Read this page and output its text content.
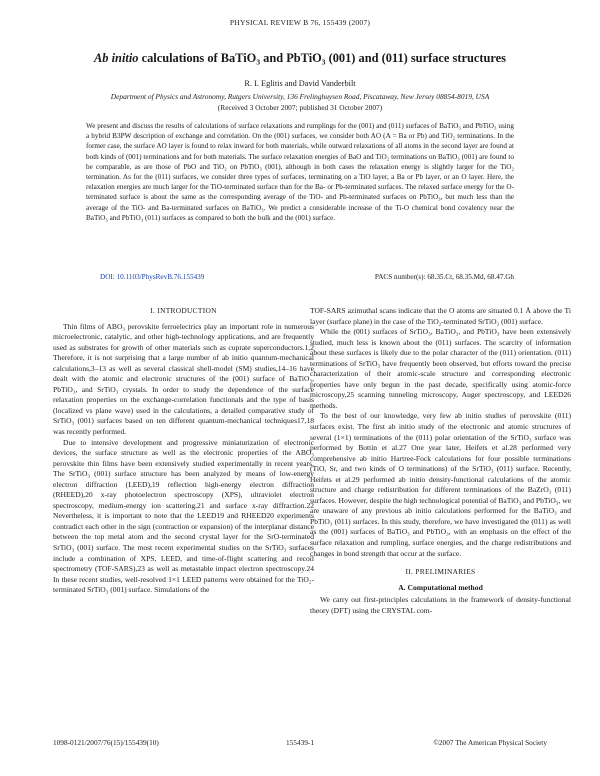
PHYSICAL REVIEW B 76, 155439 (2007)
Ab initio calculations of BaTiO₃ and PbTiO₃ (001) and (011) surface structures
R. I. Eglitis and David Vanderbilt
Department of Physics and Astronomy, Rutgers University, 136 Frelinghuysen Road, Piscataway, New Jersey 08854-8019, USA
(Received 3 October 2007; published 31 October 2007)
We present and discuss the results of calculations of surface relaxations and rumplings for the (001) and (011) surfaces of BaTiO₃ and PbTiO₃ using a hybrid B3PW description of exchange and correlation. On the (001) surfaces, we consider both AO (A = Ba or Pb) and TiO₂ terminations. In the former case, the surface AO layer is found to relax inward for both materials, while outward relaxations of all atoms in the second layer are found at both kinds of (001) terminations and for both materials. The surface relaxation energies of BaO and TiO₂ terminations on BaTiO₃ (001) are found to be comparable, as are those of PbO and TiO₂ on PbTiO₃ (001), although in both cases the relaxation energy is slightly larger for the TiO₂ termination. As for the (011) surfaces, we consider three types of surfaces, terminating on a TiO layer, a Ba or Pb layer, or an O layer. Here, the relaxation energies are much larger for the TiO-terminated surface than for the Ba- or Pb-terminated surfaces. The relaxed surface energy for the O-terminated surface is about the same as the corresponding average of the TiO- and Pb-terminated surfaces on PbTiO₃, but much less than the average of the TiO- and Ba-terminated surfaces on BaTiO₃. We predict a considerable increase of the Ti-O chemical bond covalency near the BaTiO₃ and PbTiO₃ (011) surfaces as compared to both the bulk and the (001) surface.
DOI: 10.1103/PhysRevB.76.155439	PACS number(s): 68.35.Ct, 68.35.Md, 68.47.Gh
I. INTRODUCTION

Thin films of ABO₃ perovskite ferroelectrics play an important role in numerous microelectronic, catalytic, and other high-technology applications, and are frequently used as substrates for growth of other materials such as cuprate superconductors.1,2 Therefore, it is not surprising that a large number of ab initio quantum-mechanical calculations,3–13 as well as several classical shell-model (SM) studies,14–16 have dealt with the atomic and electronic structures of the (001) surface of BaTiO₃, PbTiO₃, and SrTiO₃ crystals. In order to study the dependence of the surface relaxation properties on the exchange-correlation functionals and the type of basis (localized vs plane wave) used in the calculations, a detailed comparative study of SrTiO₃ (001) surfaces based on ten different quantum-mechanical techniques17,18 was recently performed.

Due to intensive development and progressive miniaturization of electronic devices, the surface structure as well as the electronic properties of the ABO₃ perovskite thin films have been extensively studied experimentally in recent years. The SrTiO₃ (001) surface structure has been analyzed by means of low-energy electron diffraction (LEED),19 reflection high-energy electron diffraction (RHEED),20 x-ray photoelectron spectroscopy (XPS), ultraviolet electron spectroscopy, medium-energy ion scattering,21 and surface x-ray diffraction.22 Nevertheless, it is important to note that the LEED19 and RHEED20 experiments contradict each other in the sign (contraction or expansion) of the interplanar distance between the top metal atom and the second crystal layer for the SrO-terminated SrTiO₃ (001) surface. The most recent experimental studies on the SrTiO₃ surfaces include a combination of XPS, LEED, and time-of-flight scattering and recoil spectrometry (TOF-SARS),23 as well as metastable impact electron spectroscopy.24 In these recent studies, well-resolved 1×1 LEED patterns were obtained for the TiO₂-terminated SrTiO₃ (001) surface. Simulations of the

TOF-SARS azimuthal scans indicate that the O atoms are situated 0.1 Å above the Ti layer (surface plane) in the case of the TiO₂-terminated SrTiO₃ (001) surface.

While the (001) surfaces of SrTiO₃, BaTiO₃, and PbTiO₃ have been extensively studied, much less is known about the (011) surfaces. The scarcity of information about these surfaces is likely due to the polar character of the (011) orientation. (011) terminations of SrTiO₃ have frequently been observed, but efforts toward the precise characterization of their atomic-scale structure and corresponding electronic properties have only begun in the past decade, specifically using atomic-force microscopy,25 scanning tunneling microscopy, Auger spectroscopy, and LEED26 methods.

To the best of our knowledge, very few ab initio studies of perovskite (011) surfaces exist. The first ab initio study of the electronic and atomic structures of several (1×1) terminations of the (011) polar orientation of the SrTiO₃ surface was performed by Bottin et al.27 One year later, Heifets et al.28 performed very comprehensive ab initio Hartree-Fock calculations for four possible terminations (TiO, Sr, and two kinds of O terminations) of the SrTiO₃ (011) surface. Recently, Heifets et al.29 performed ab initio density-functional calculations of the atomic structure and charge redistribution for different terminations of the BaZrO₃ (011) surfaces. However, despite the high technological potential of BaTiO₃ and PbTiO₃, we are unaware of any previous ab initio calculations performed for the BaTiO₃ and PbTiO₃ (011) surfaces. In this study, therefore, we have investigated the (011) as well as the (001) surfaces of BaTiO₃ and PbTiO₃, with an emphasis on the effect of the surface relaxation and rumpling, surface energies, and the charge redistributions and changes in bond strength that occur at the surface.

II. PRELIMINARIES
A. Computational method

We carry out first-principles calculations in the framework of density-functional theory (DFT) using the CRYSTAL com-

1098-0121/2007/76(15)/155439(10)	155439-1	©2007 The American Physical Society
